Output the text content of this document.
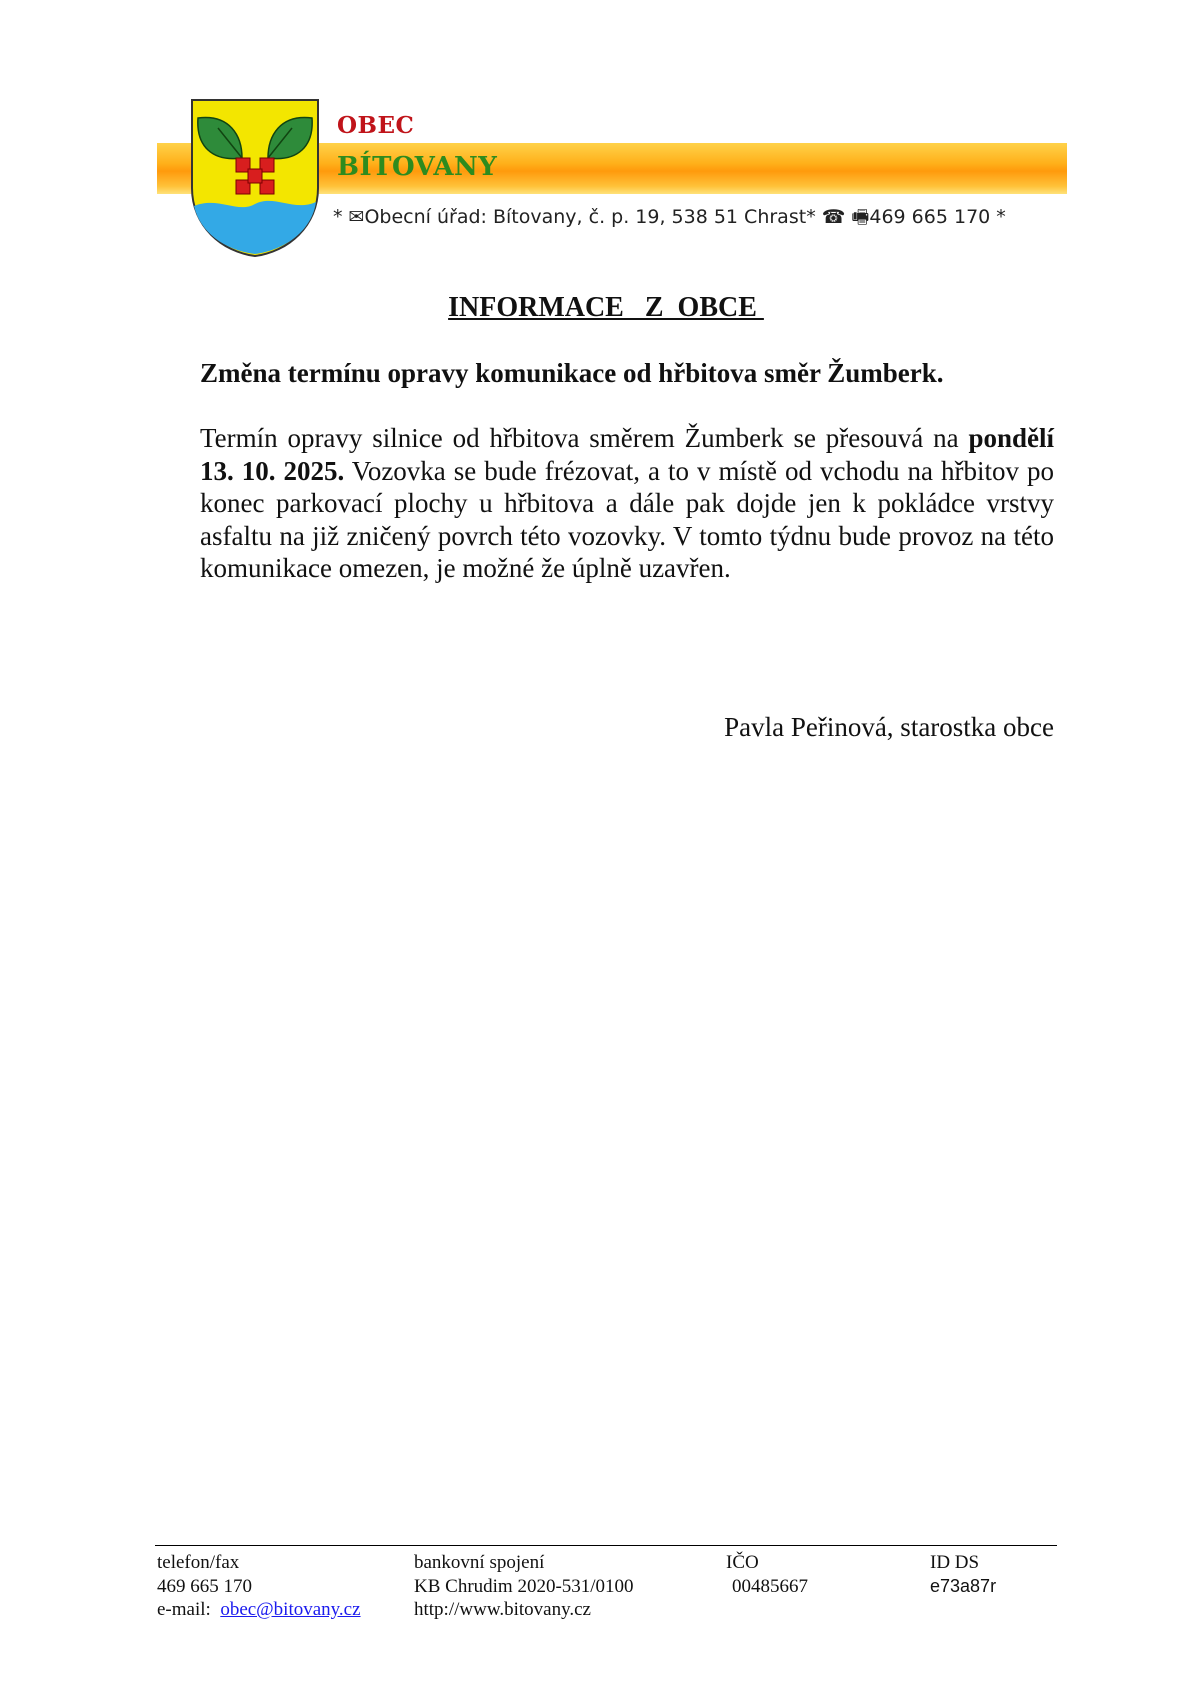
OBEC
BÍTOVANY
* ✉Obecní úřad: Bítovany, č. p. 19, 538 51 Chrast* ☎ 🖷469 665 170 *
INFORMACE   Z  OBCE
Změna termínu opravy komunikace od hřbitova směr Žumberk.
Termín opravy silnice od hřbitova směrem Žumberk se přesouvá na pondělí 13. 10. 2025. Vozovka se bude frézovat, a to v místě od vchodu na hřbitov po konec parkovací plochy u hřbitova a dále pak dojde jen k pokládce vrstvy asfaltu na již zničený povrch této vozovky. V tomto týdnu bude provoz na této komunikace omezen, je možné že úplně uzavřen.
Pavla Peřinová, starostka obce
telefon/fax
469 665 170
e-mail: obec@bitovany.cz
bankovní spojení
KB Chrudim 2020-531/0100
http://www.bitovany.cz
IČO
00485667
ID DS
e73a87r
